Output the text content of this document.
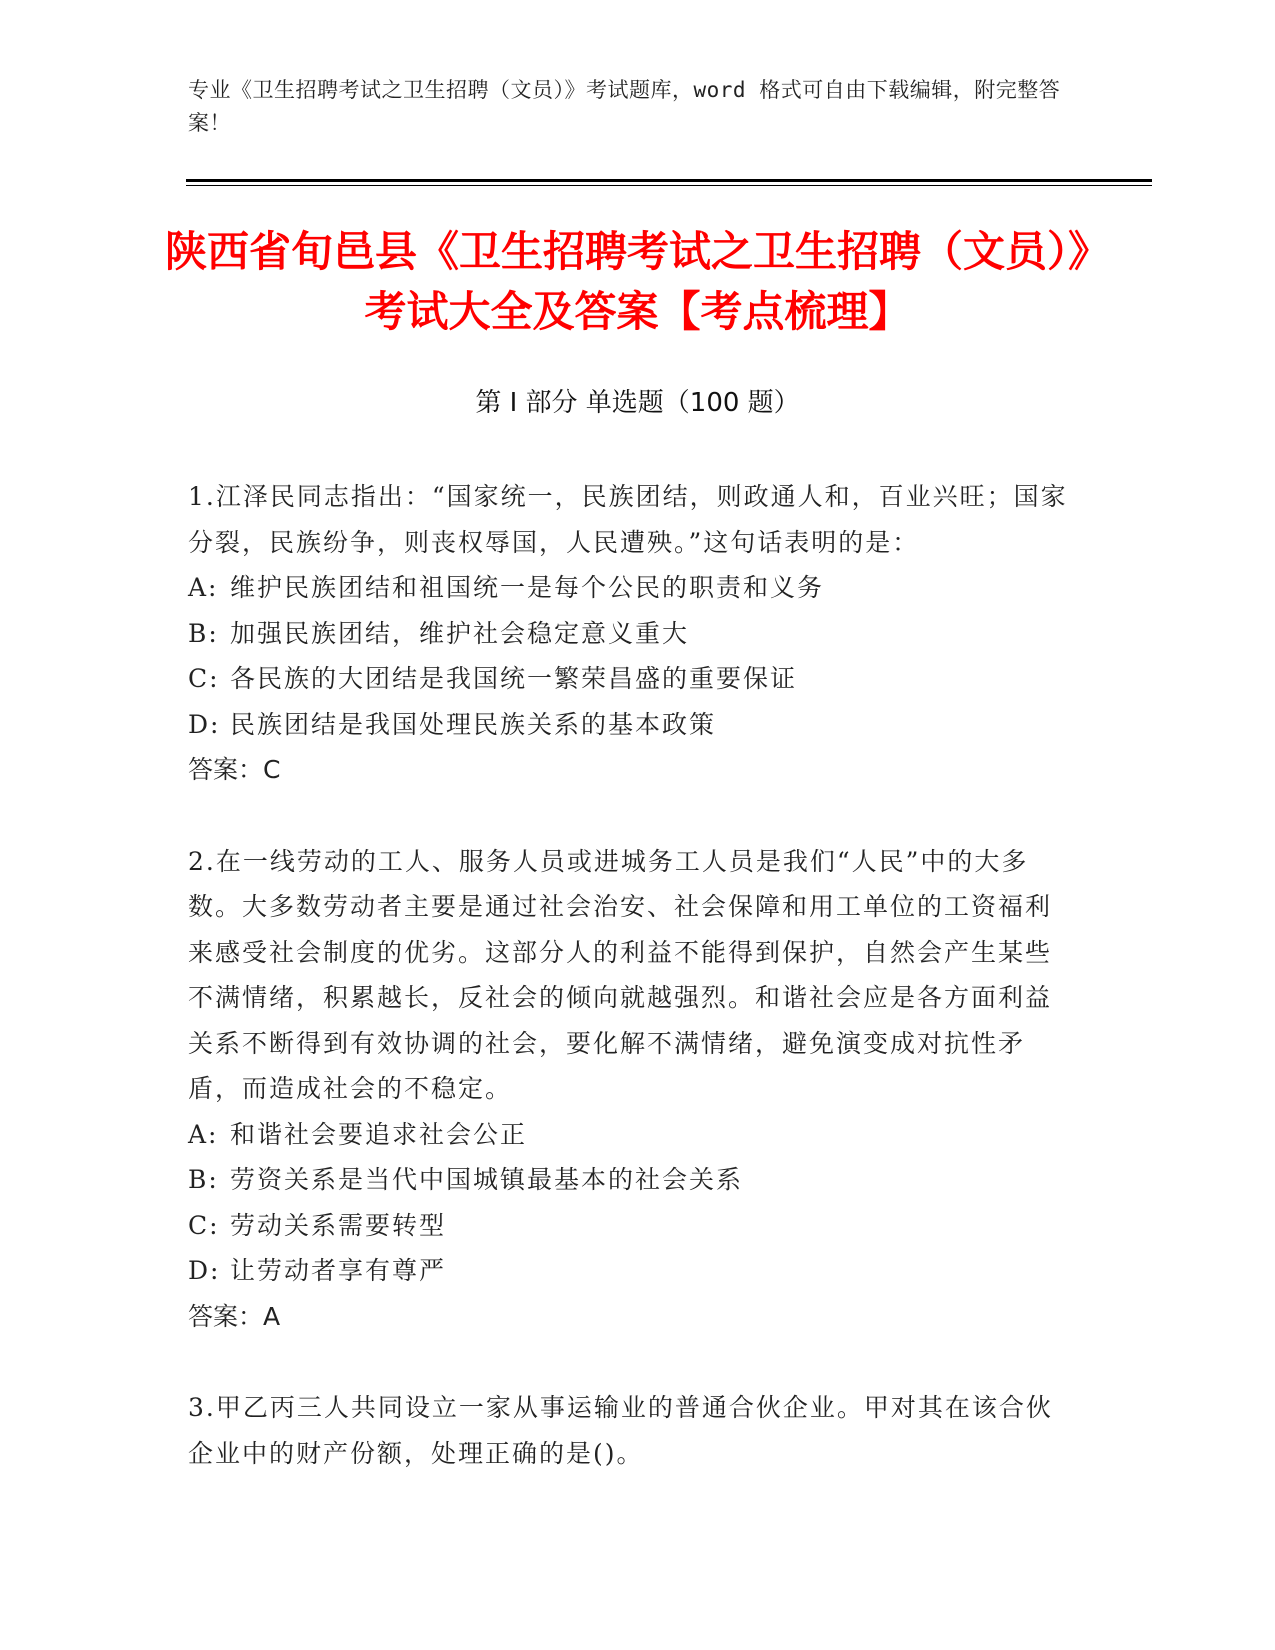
专业《卫生招聘考试之卫生招聘（文员）》考试题库，word 格式可自由下载编辑，附完整答案！
陕西省旬邑县《卫生招聘考试之卫生招聘（文员）》考试大全及答案【考点梳理】
第 I 部分 单选题（100 题）

1.江泽民同志指出：“国家统一，民族团结，则政通人和，百业兴旺；国家分裂，民族纷争，则丧权辱国，人民遭殃。”这句话表明的是：

A: 维护民族团结和祖国统一是每个公民的职责和义务

B: 加强民族团结，维护社会稳定意义重大

C: 各民族的大团结是我国统一繁荣昌盛的重要保证

D: 民族团结是我国处理民族关系的基本政策

答案：C

2.在一线劳动的工人、服务人员或进城务工人员是我们“人民”中的大多数。大多数劳动者主要是通过社会治安、社会保障和用工单位的工资福利来感受社会制度的优劣。这部分人的利益不能得到保护，自然会产生某些不满情绪，积累越长，反社会的倾向就越强烈。和谐社会应是各方面利益关系不断得到有效协调的社会，要化解不满情绪，避免演变成对抗性矛盾，而造成社会的不稳定。

A: 和谐社会要追求社会公正

B: 劳资关系是当代中国城镇最基本的社会关系

C: 劳动关系需要转型

D: 让劳动者享有尊严

答案：A

3.甲乙丙三人共同设立一家从事运输业的普通合伙企业。甲对其在该合伙企业中的财产份额，处理正确的是()。
